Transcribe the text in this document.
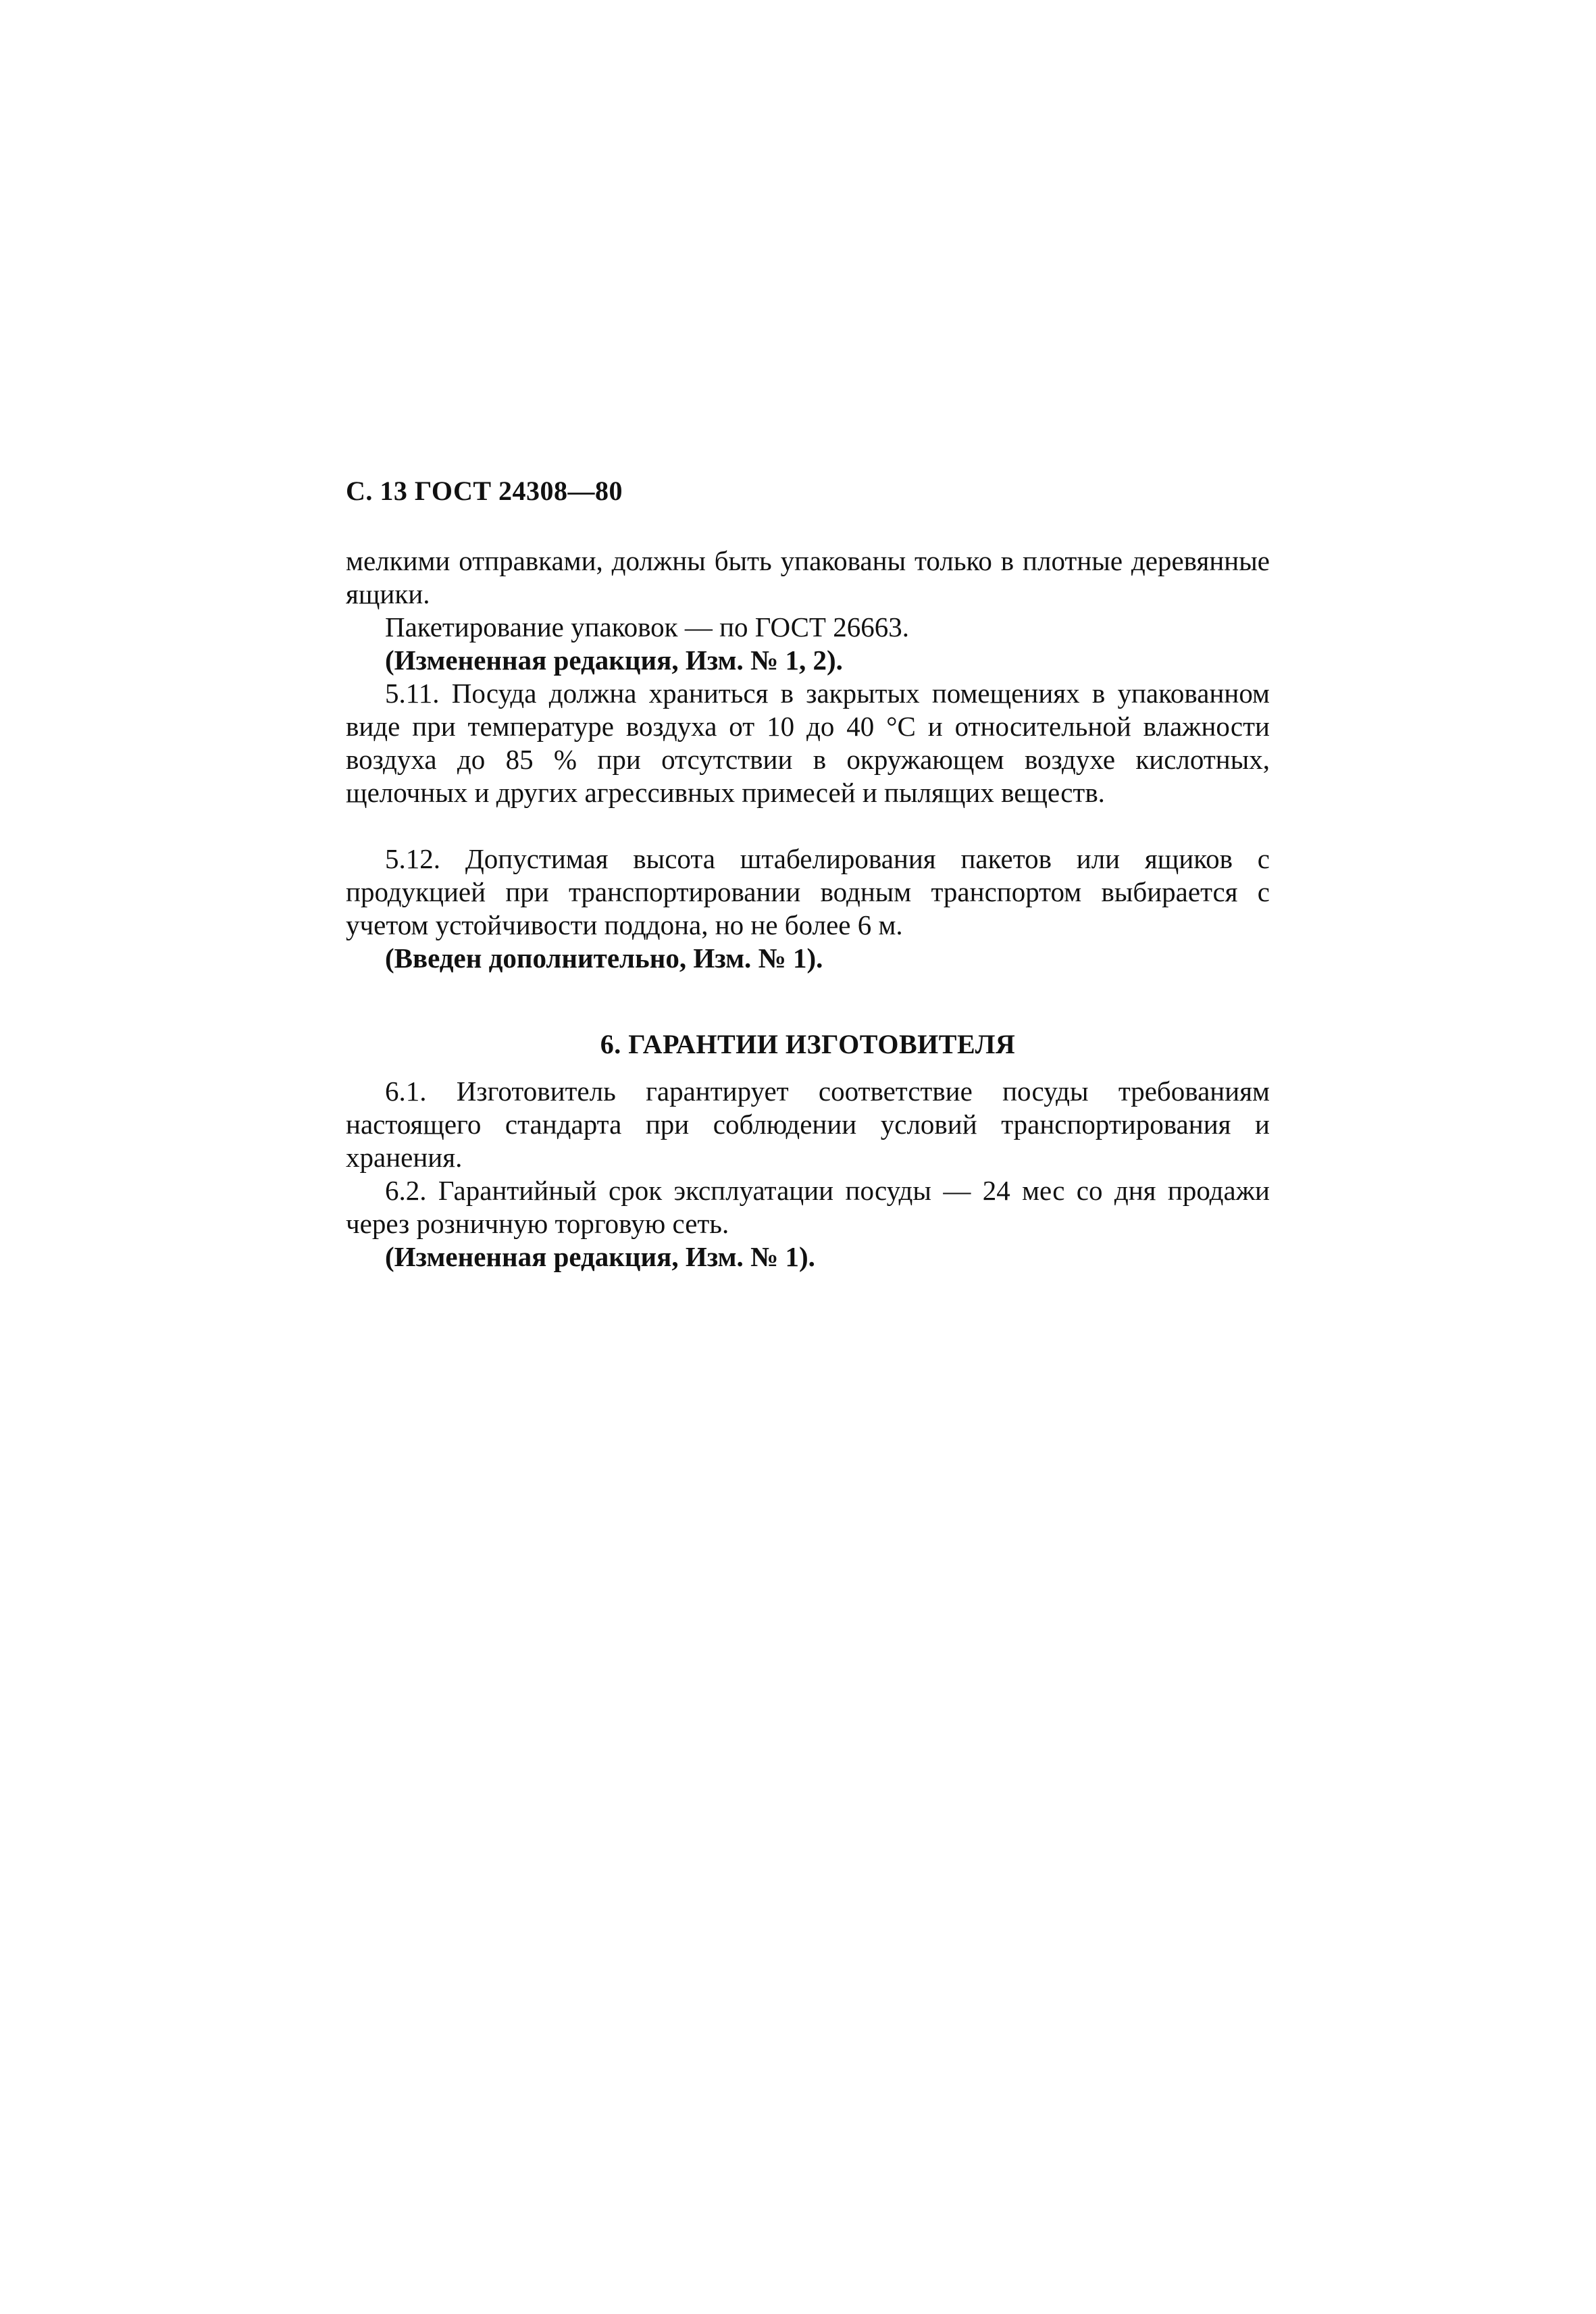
С. 13 ГОСТ 24308—80

мелкими отправками, должны быть упакованы только в плотные деревянные ящики.

Пакетирование упаковок — по ГОСТ 26663.

(Измененная редакция, Изм. № 1, 2).

5.11. Посуда должна храниться в закрытых помещениях в упакованном виде при температуре воздуха от 10 до 40 °С и относительной влажности воздуха до 85 % при отсутствии в окружающем воздухе кислотных, щелочных и других агрессивных примесей и пылящих веществ.

5.12. Допустимая высота штабелирования пакетов или ящиков с продукцией при транспортировании водным транспортом выбирается с учетом устойчивости поддона, но не более 6 м.

(Введен дополнительно, Изм. № 1).

6. ГАРАНТИИ ИЗГОТОВИТЕЛЯ

6.1. Изготовитель гарантирует соответствие посуды требованиям настоящего стандарта при соблюдении условий транспортирования и хранения.

6.2. Гарантийный срок эксплуатации посуды — 24 мес со дня продажи через розничную торговую сеть.

(Измененная редакция, Изм. № 1).
